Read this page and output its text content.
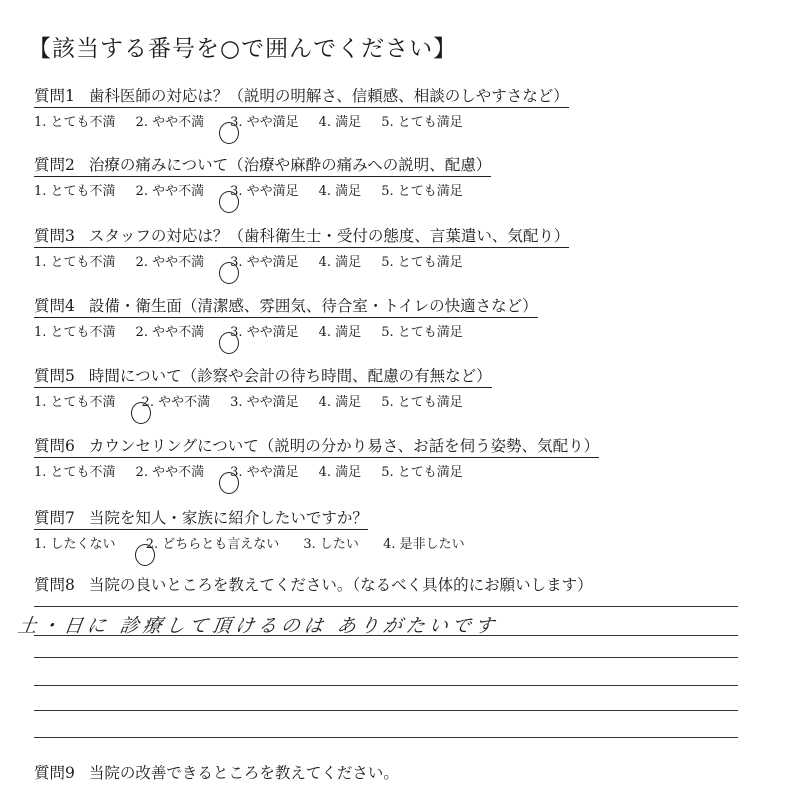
【該当する番号を○で囲んでください】
質問1 歯科医師の対応は？（説明の明解さ、信頼感、相談のしやすさなど）
1. とても不満 2. やや不満 3. やや満足 4. 満足 5. とても満足
質問2 治療の痛みについて（治療や麻酔の痛みへの説明、配慮）
1. とても不満 2. やや不満 3. やや満足 4. 満足 5. とても満足
質問3 スタッフの対応は？（歯科衛生士・受付の態度、言葉遣い、気配り）
1. とても不満 2. やや不満 3. やや満足 4. 満足 5. とても満足
質問4 設備・衛生面（清潔感、雰囲気、待合室・トイレの快適さなど）
1. とても不満 2. やや不満 3. やや満足 4. 満足 5. とても満足
質問5 時間について（診察や会計の待ち時間、配慮の有無など）
1. とても不満 2. やや不満 3. やや満足 4. 満足 5. とても満足
質問6 カウンセリングについて（説明の分かり易さ、お話を伺う姿勢、気配り）
1. とても不満 2. やや不満 3. やや満足 4. 満足 5. とても満足
質問7 当院を知人・家族に紹介したいですか？
1. したくない 2. どちらとも言えない 3. したい 4. 是非したい
質問8 当院の良いところを教えてください。（なるべく具体的にお願いします）
土・日に 診療して頂けるのは ありがたいです
質問9 当院の改善できるところを教えてください。
